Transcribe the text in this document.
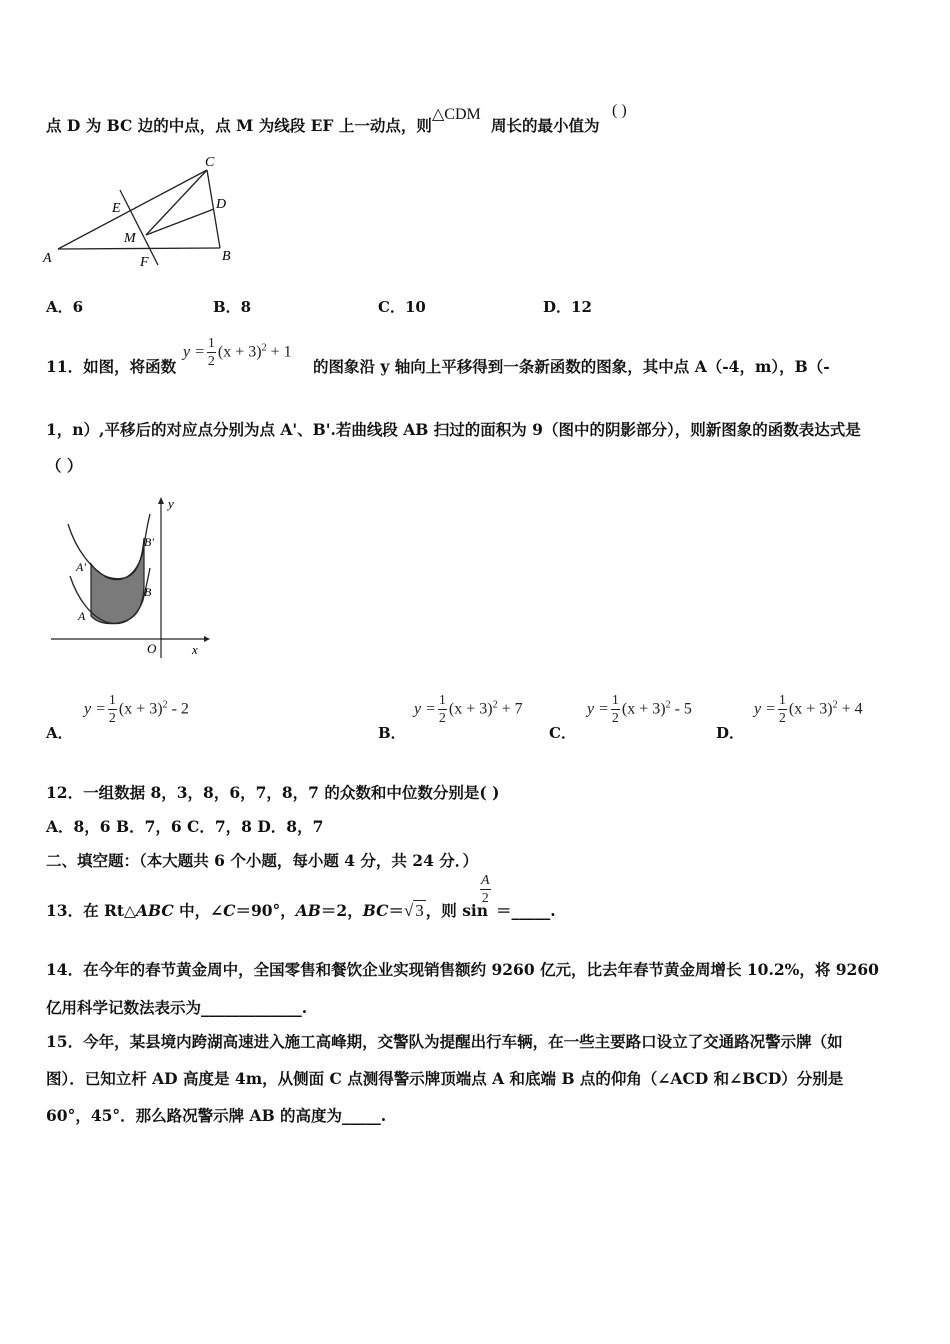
点 D 为 BC 边的中点，点 M 为线段 EF 上一动点，则
△CDM
周长的最小值为
( )
A	B
C
D
E
F
M
A．6	B．8	C．10	D．12
11．如图，将函数
$y = \frac{1}{2} (x + 3)^2 + 1$
的图象沿 y 轴向上平移得到一条新函数的图象，其中点 A（-4，m），B（-
1，n）,平移后的对应点分别为点 A'、B'.若曲线段 AB 扫过的面积为 9（图中的阴影部分），则新图象的函数表达式是
（ ）
y
x
O
A'
B'
A
B
A．
$y = \frac{1}{2} (x + 3)^2 - 2$
B．
$y = \frac{1}{2} (x + 3)^2 + 7$
C．
$y = \frac{1}{2} (x + 3)^2 - 5$
D．
$y = \frac{1}{2} (x + 3)^2 + 4$
12．一组数据 8，3，8，6，7，8，7 的众数和中位数分别是( )
A．8，6 B．7，6 C．7，8 D．8，7
二、填空题：（本大题共 6 个小题，每小题 4 分，共 24 分．）
13．在 Rt△ABC 中，∠C＝90°，AB＝2，BC＝√ 3 ，则 sin
$\frac{A}{2}$
＝_____.
14．在今年的春节黄金周中，全国零售和餐饮企业实现销售额约 9260 亿元，比去年春节黄金周增长 10.2%，将 9260
亿用科学记数法表示为_____________.
15．今年，某县境内跨湖高速进入施工高峰期，交警队为提醒出行车辆，在一些主要路口设立了交通路况警示牌（如
图）．已知立杆 AD 高度是 4m，从侧面 C 点测得警示牌顶端点 A 和底端 B 点的仰角（∠ACD 和∠BCD）分别是
60°，45°．那么路况警示牌 AB 的高度为_____.
